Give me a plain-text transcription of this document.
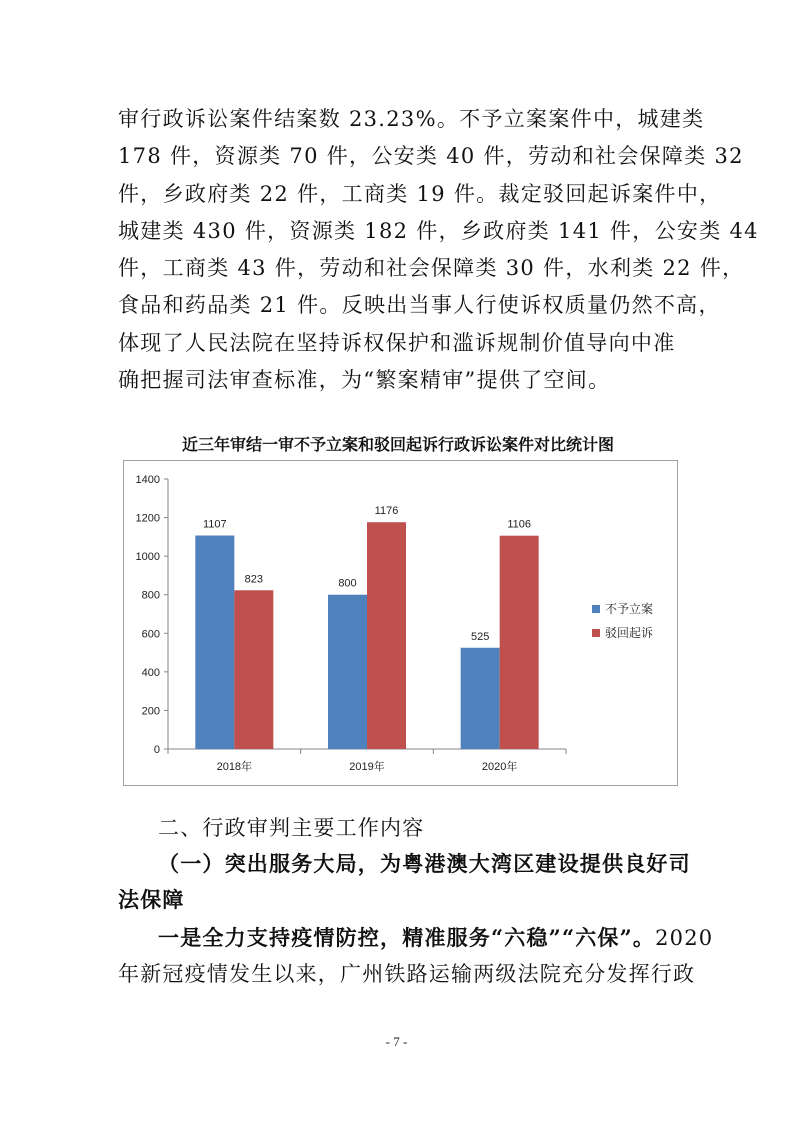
审行政诉讼案件结案数 23.23%。不予立案案件中，城建类
178 件，资源类 70 件，公安类 40 件，劳动和社会保障类 32
件，乡政府类 22 件，工商类 19 件。裁定驳回起诉案件中，
城建类 430 件，资源类 182 件，乡政府类 141 件，公安类 44
件，工商类 43 件，劳动和社会保障类 30 件，水利类 22 件，
食品和药品类 21 件。反映出当事人行使诉权质量仍然不高，
体现了人民法院在坚持诉权保护和滥诉规制价值导向中准
确把握司法审查标准，为“繁案精审”提供了空间。
近三年审结一审不予立案和驳回起诉行政诉讼案件对比统计图
0
200
400
600
800
1000
1200
1400
2018年
1107
823
2019年
800
1176
2020年
525
1106
不予立案
驳回起诉
二、行政审判主要工作内容
（一）突出服务大局，为粤港澳大湾区建设提供良好司
法保障
一是全力支持疫情防控，精准服务“六稳”“六保”。2020
年新冠疫情发生以来，广州铁路运输两级法院充分发挥行政
- 7 -
